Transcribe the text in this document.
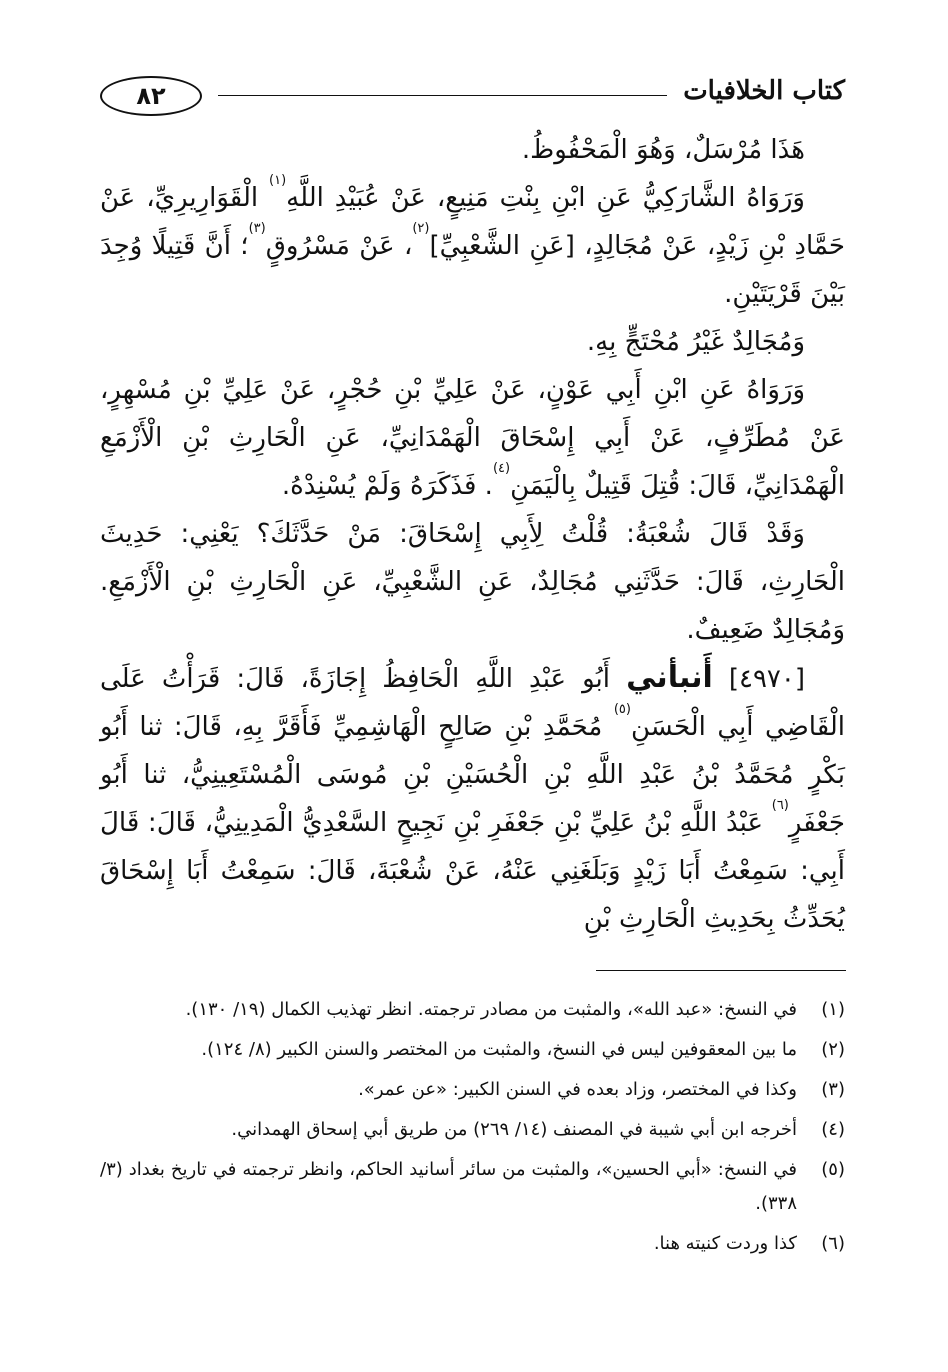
٨٢	كتاب الخلافيات

هَذَا مُرْسَلٌ، وَهُوَ الْمَحْفُوظُ.

وَرَوَاهُ الشَّارَكِيُّ عَنِ ابْنِ بِنْتِ مَنِيعٍ، عَنْ عُبَيْدِ اللَّهِ$^{(١)}$ الْقَوَارِيرِيِّ، عَنْ حَمَّادِ بْنِ زَيْدٍ، عَنْ مُجَالِدٍ، [عَنِ الشَّعْبِيِّ]$^{(٢)}$، عَنْ مَسْرُوقٍ$^{(٣)}$؛ أَنَّ قَتِيلًا وُجِدَ بَيْنَ قَرْيَتَيْنِ.

وَمُجَالِدٌ غَيْرُ مُحْتَجٍّ بِهِ.

وَرَوَاهُ عَنِ ابْنِ أَبِي عَوْنٍ، عَنْ عَلِيِّ بْنِ حُجْرٍ، عَنْ عَلِيِّ بْنِ مُسْهِرٍ، عَنْ مُطَرِّفٍ، عَنْ أَبِي إِسْحَاقَ الْهَمْدَانِيِّ، عَنِ الْحَارِثِ بْنِ الْأَزْمَعِ الْهَمْدَانِيِّ، قَالَ: قُتِلَ قَتِيلٌ بِالْيَمَنِ$^{(٤)}$. فَذَكَرَهُ وَلَمْ يُسْنِدْهُ.

وَقَدْ قَالَ شُعْبَةُ: قُلْتُ لِأَبِي إِسْحَاقَ: مَنْ حَدَّثَكَ؟ يَعْنِي: حَدِيثَ الْحَارِثِ، قَالَ: حَدَّثَنِي مُجَالِدٌ، عَنِ الشَّعْبِيِّ، عَنِ الْحَارِثِ بْنِ الْأَزْمَعِ. وَمُجَالِدٌ ضَعِيفٌ.

[٤٩٧٠] أَنبأني أَبُو عَبْدِ اللَّهِ الْحَافِظُ إِجَازَةً، قَالَ: قَرَأْتُ عَلَى الْقَاضِي أَبِي الْحَسَنِ$^{(٥)}$ مُحَمَّدِ بْنِ صَالِحٍ الْهَاشِمِيِّ فَأَقَرَّ بِهِ، قَالَ: ثنا أَبُو بَكْرٍ مُحَمَّدُ بْنُ عَبْدِ اللَّهِ بْنِ الْحُسَيْنِ بْنِ مُوسَى الْمُسْتَعِينِيُّ، ثنا أَبُو جَعْفَرٍ$^{(٦)}$ عَبْدُ اللَّهِ بْنُ عَلِيِّ بْنِ جَعْفَرِ بْنِ نَجِيحٍ السَّعْدِيُّ الْمَدِينِيُّ، قَالَ: قَالَ أَبِي: سَمِعْتُ أَبَا زَيْدٍ وَبَلَغَنِي عَنْهُ، عَنْ شُعْبَةَ، قَالَ: سَمِعْتُ أَبَا إِسْحَاقَ يُحَدِّثُ بِحَدِيثِ الْحَارِثِ بْنِ

(١)
في النسخ: «عبد الله»، والمثبت من مصادر ترجمته. انظر تهذيب الكمال (١٩/ ١٣٠).
(٢)
ما بين المعقوفين ليس في النسخ، والمثبت من المختصر والسنن الكبير (٨/ ١٢٤).
(٣)
وكذا في المختصر، وزاد بعده في السنن الكبير: «عن عمر».
(٤)
أخرجه ابن أبي شيبة في المصنف (١٤/ ٢٦٩) من طريق أبي إسحاق الهمداني.
(٥)
في النسخ: «أبي الحسين»، والمثبت من سائر أسانيد الحاكم، وانظر ترجمته في تاريخ بغداد (٣/ ٣٣٨).
(٦)
كذا وردت كنيته هنا.
